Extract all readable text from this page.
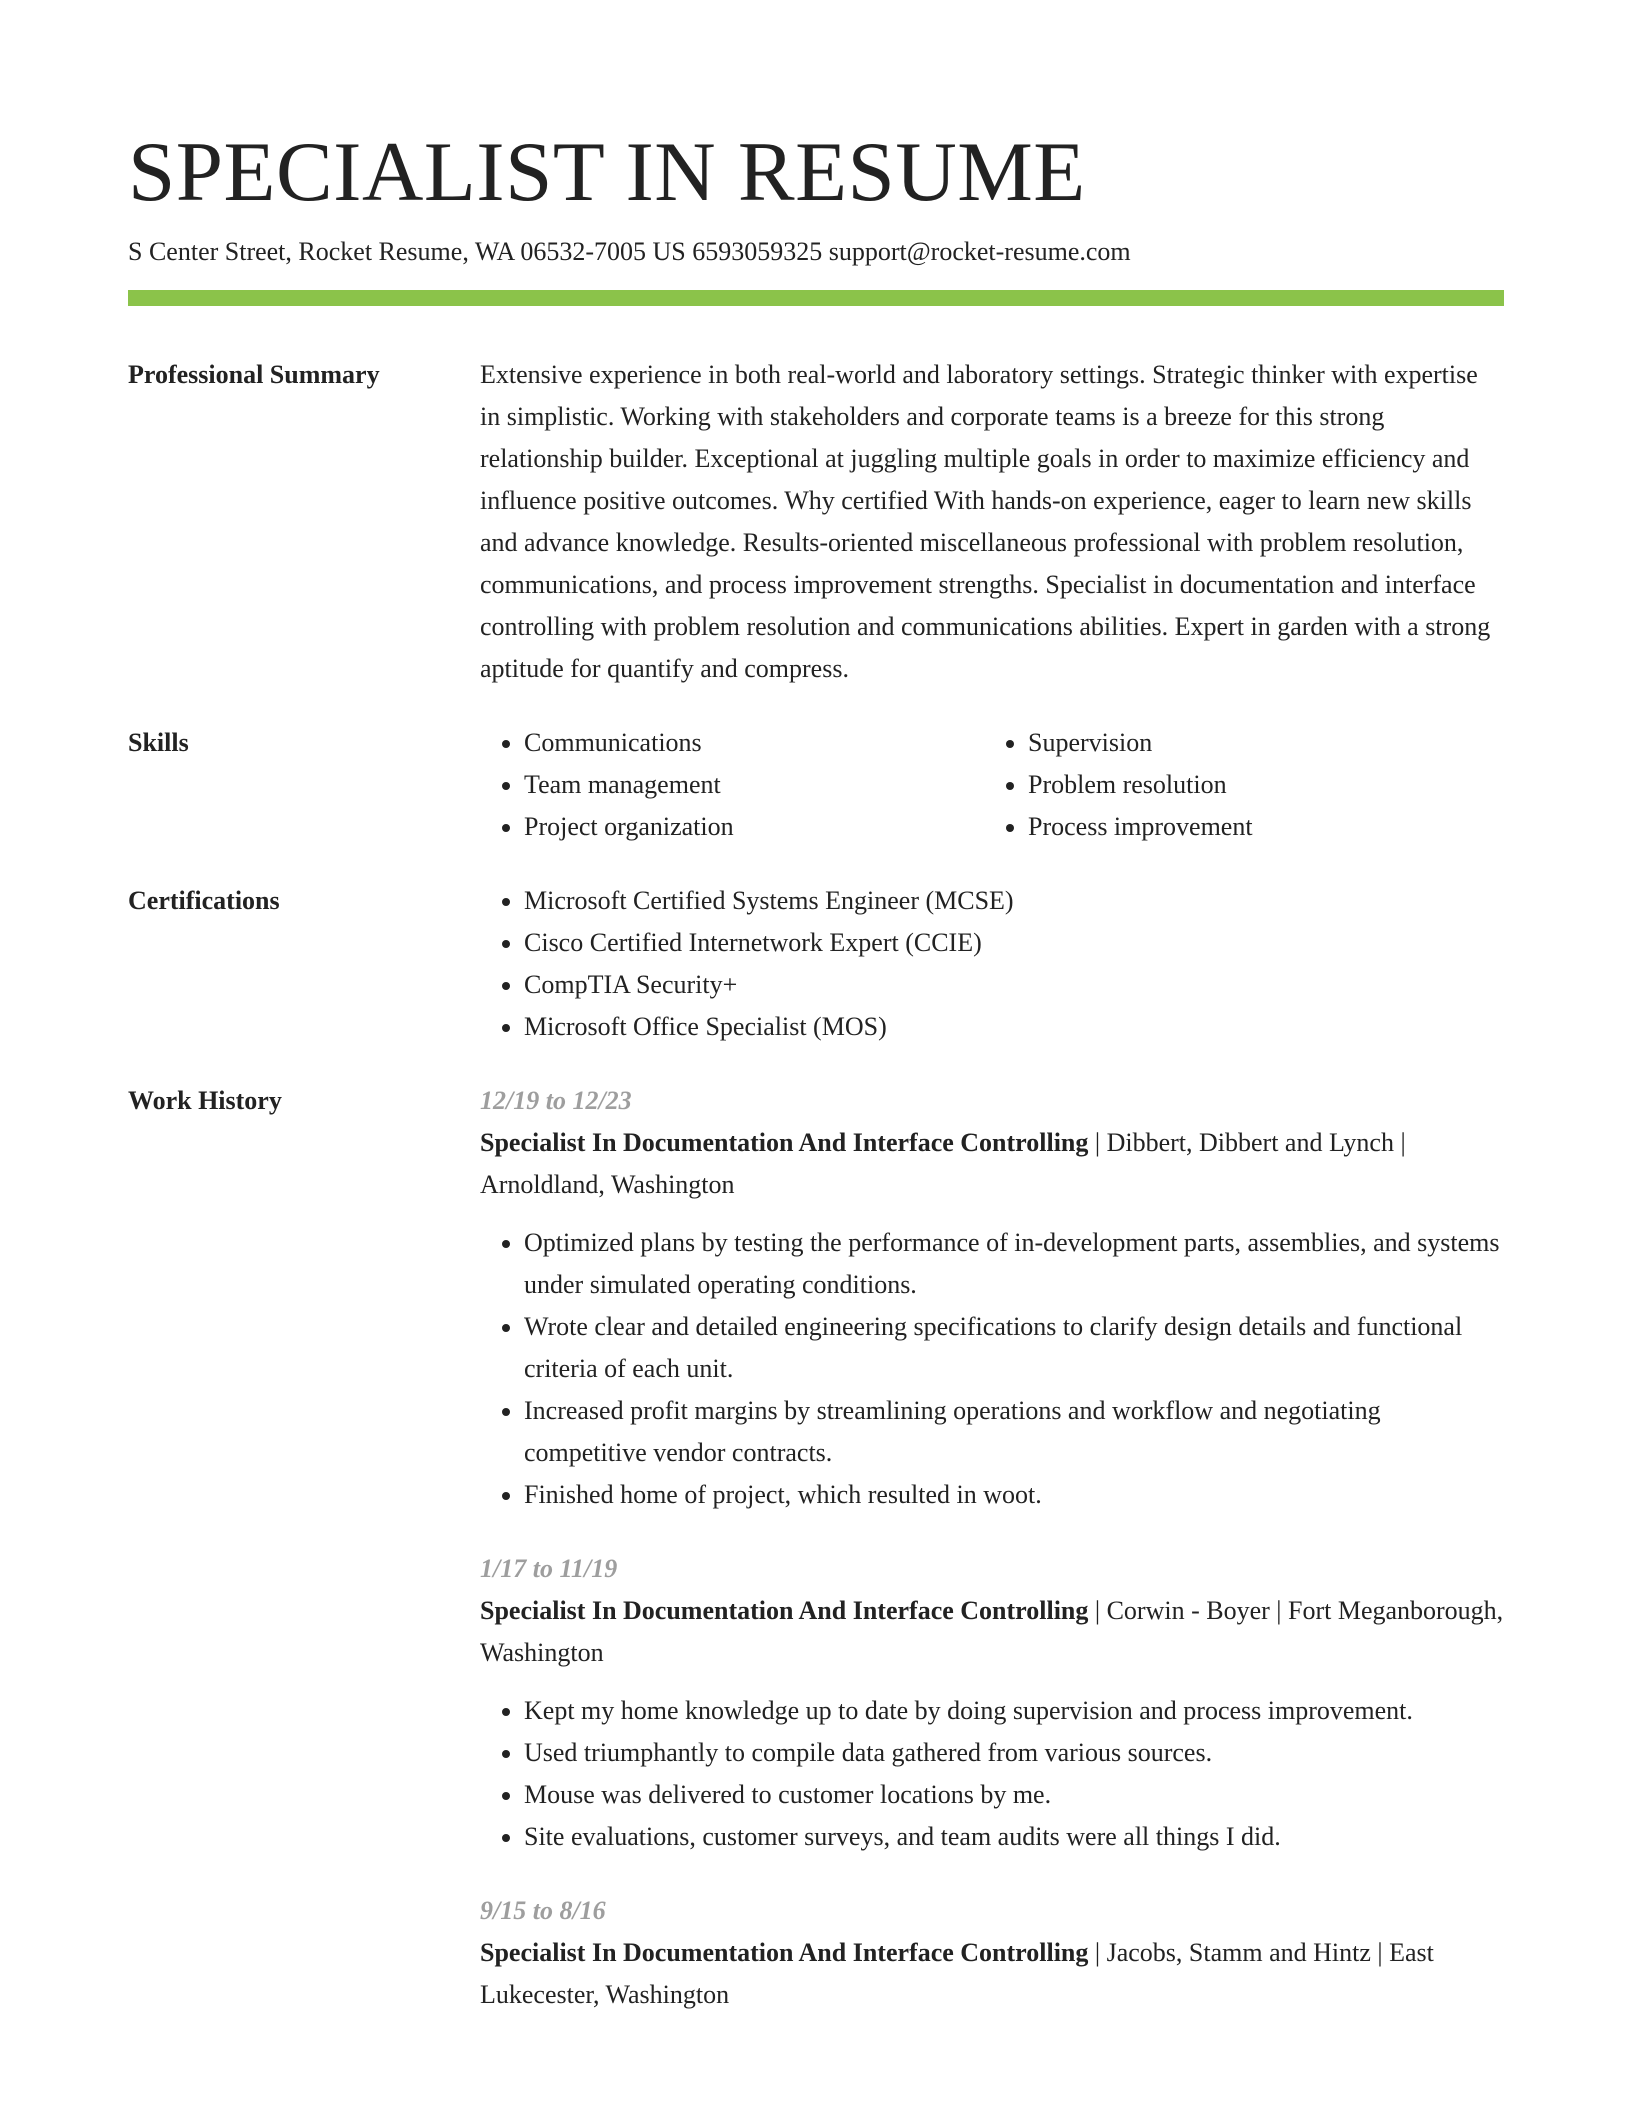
SPECIALIST IN RESUME
S Center Street, Rocket Resume, WA 06532-7005 US 6593059325 support@rocket-resume.com
Professional Summary	Extensive experience in both real-world and laboratory settings. Strategic thinker with expertise in simplistic. Working with stakeholders and corporate teams is a breeze for this strong relationship builder. Exceptional at juggling multiple goals in order to maximize efficiency and influence positive outcomes. Why certified With hands-on experience, eager to learn new skills and advance knowledge. Results-oriented miscellaneous professional with problem resolution, communications, and process improvement strengths. Specialist in documentation and interface controlling with problem resolution and communications abilities. Expert in garden with a strong aptitude for quantify and compress.
Skills	• Communications
• Team management
• Project organization
• Supervision
• Problem resolution
• Process improvement
Certifications	• Microsoft Certified Systems Engineer (MCSE)
• Cisco Certified Internetwork Expert (CCIE)
• CompTIA Security+
• Microsoft Office Specialist (MOS)
Work History	12/19 to 12/23
Specialist In Documentation And Interface Controlling | Dibbert, Dibbert and Lynch | Arnoldland, Washington
• Optimized plans by testing the performance of in-development parts, assemblies, and systems under simulated operating conditions.
• Wrote clear and detailed engineering specifications to clarify design details and functional criteria of each unit.
• Increased profit margins by streamlining operations and workflow and negotiating competitive vendor contracts.
• Finished home of project, which resulted in woot.
1/17 to 11/19
Specialist In Documentation And Interface Controlling | Corwin - Boyer | Fort Meganborough, Washington
• Kept my home knowledge up to date by doing supervision and process improvement.
• Used triumphantly to compile data gathered from various sources.
• Mouse was delivered to customer locations by me.
• Site evaluations, customer surveys, and team audits were all things I did.
9/15 to 8/16
Specialist In Documentation And Interface Controlling | Jacobs, Stamm and Hintz | East Lukecester, Washington
